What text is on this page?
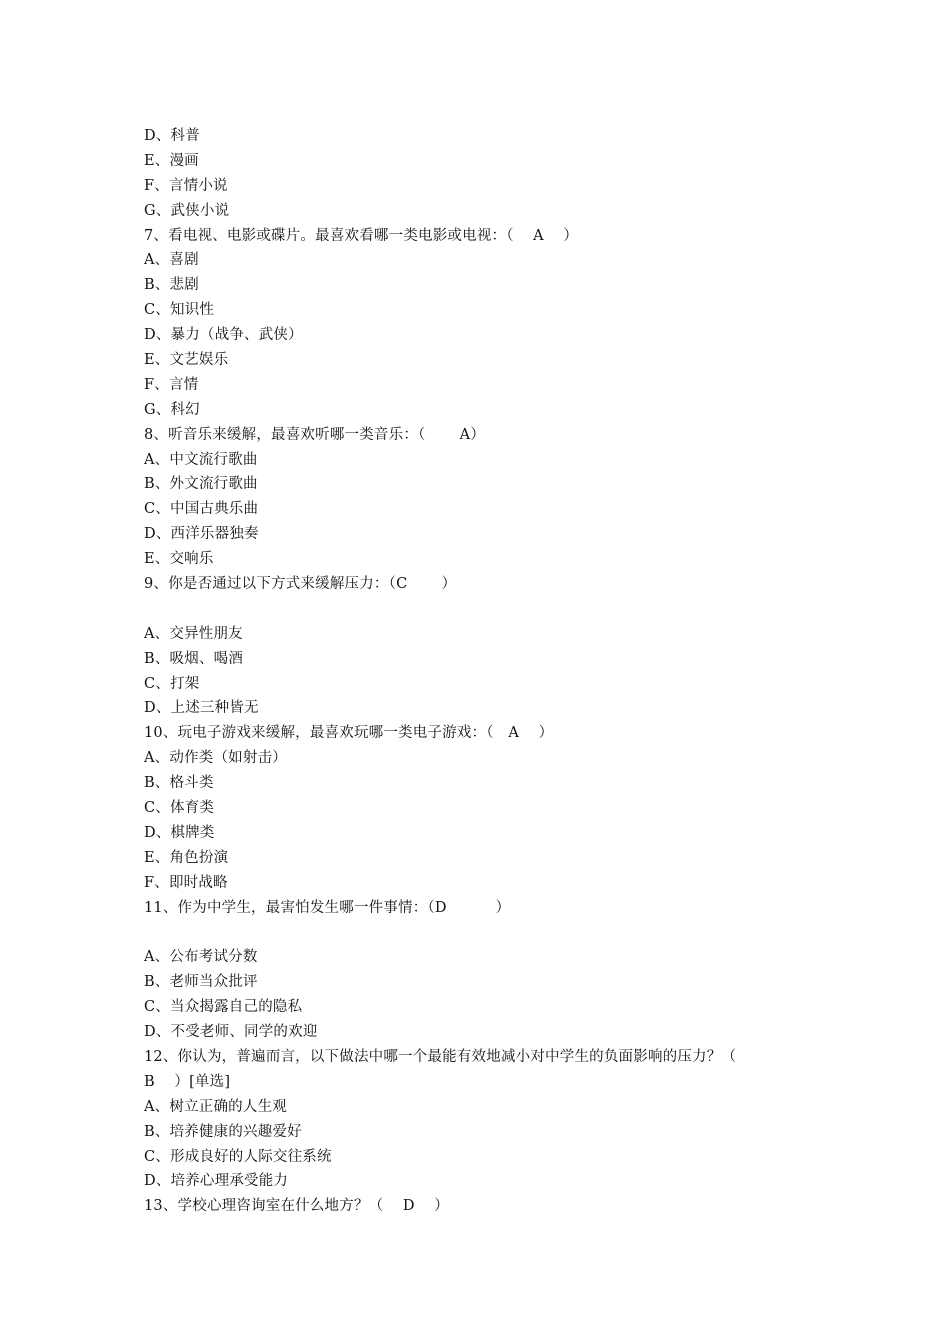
D、科普
E、漫画
F、言情小说
G、武侠小说
7、看电视、电影或碟片。最喜欢看哪一类电影或电视：（　 A　 ）
A、喜剧
B、悲剧
C、知识性
D、暴力（战争、武侠）
E、文艺娱乐
F、言情
G、科幻
8、听音乐来缓解，最喜欢听哪一类音乐：（　　 A）
A、中文流行歌曲
B、外文流行歌曲
C、中国古典乐曲
D、西洋乐器独奏
E、交响乐
9、你是否通过以下方式来缓解压力：（C　　 ）
A、交异性朋友
B、吸烟、喝酒
C、打架
D、上述三种皆无
10、玩电子游戏来缓解，最喜欢玩哪一类电子游戏：（　A　 ）
A、动作类（如射击）
B、格斗类
C、体育类
D、棋牌类
E、角色扮演
F、即时战略
11、作为中学生，最害怕发生哪一件事情：（D　　　 ）
A、公布考试分数
B、老师当众批评
C、当众揭露自己的隐私
D、不受老师、同学的欢迎
12、你认为，普遍而言，以下做法中哪一个最能有效地减小对中学生的负面影响的压力？（
B　 ）[单选]
A、树立正确的人生观
B、培养健康的兴趣爱好
C、形成良好的人际交往系统
D、培养心理承受能力
13、学校心理咨询室在什么地方？（　 D　 ）
